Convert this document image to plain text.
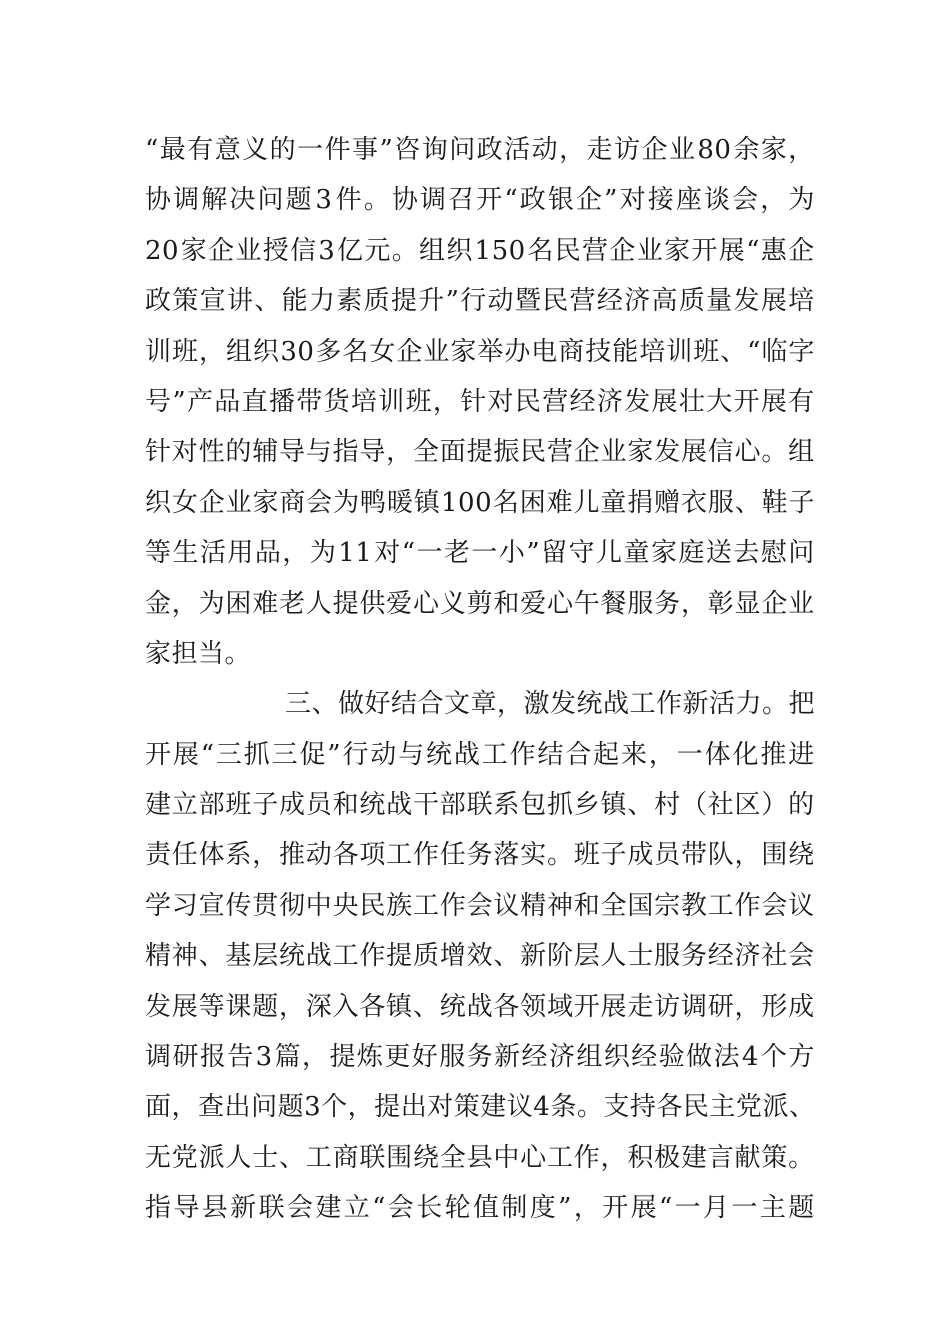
“ 最 有 意 义 的 一 件 事 ” 咨 询 问 政 活 动 ， 走 访 企 业 80 余 家 ，
协 调 解 决 问 题 3 件 。 协 调 召 开 “ 政 银 企 ” 对 接 座 谈 会 ， 为
20 家 企 业 授 信 3 亿 元 。 组 织 150 名 民 营 企 业 家 开 展 “ 惠 企
政 策 宣 讲 、 能 力 素 质 提 升 ” 行 动 暨 民 营 经 济 高 质 量 发 展 培
训 班 ， 组 织 30 多 名 女 企 业 家 举 办 电 商 技 能 培 训 班 、 “ 临 字
号 ” 产 品 直 播 带 货 培 训 班 ， 针 对 民 营 经 济 发 展 壮 大 开 展 有
针 对 性 的 辅 导 与 指 导 ， 全 面 提 振 民 营 企 业 家 发 展 信 心 。 组
织 女 企 业 家 商 会 为 鸭 暖 镇 100 名 困 难 儿 童 捐 赠 衣 服 、 鞋 子
等 生 活 用 品 ， 为 11 对 “ 一 老 一 小 ” 留 守 儿 童 家 庭 送 去 慰 问
金 ， 为 困 难 老 人 提 供 爱 心 义 剪 和 爱 心 午 餐 服 务 ， 彰 显 企 业
家担当。
三、做好结合文章，激发统战工作新活力。把
开 展 “ 三 抓 三 促 ” 行 动 与 统 战 工 作 结 合 起 来 ， 一 体 化 推 进
建 立 部 班 子 成 员 和 统 战 干 部 联 系 包 抓 乡 镇 、 村 （ 社 区 ） 的
责 任 体 系 ， 推 动 各 项 工 作 任 务 落 实 。 班 子 成 员 带 队 ， 围 绕
学 习 宣 传 贯 彻 中 央 民 族 工 作 会 议 精 神 和 全 国 宗 教 工 作 会 议
精 神 、 基 层 统 战 工 作 提 质 增 效 、 新 阶 层 人 士 服 务 经 济 社 会
发 展 等 课 题 ， 深 入 各 镇 、 统 战 各 领 域 开 展 走 访 调 研 ， 形 成
调 研 报 告 3 篇 ， 提 炼 更 好 服 务 新 经 济 组 织 经 验 做 法 4 个 方
面 ， 查 出 问 题 3 个 ， 提 出 对 策 建 议 4 条 。 支 持 各 民 主 党 派 、
无 党 派 人 士 、 工 商 联 围 绕 全 县 中 心 工 作 ， 积 极 建 言 献 策 。
指 导 县 新 联 会 建 立 “ 会 长 轮 值 制 度 ” ， 开 展 “ 一 月 一 主 题
